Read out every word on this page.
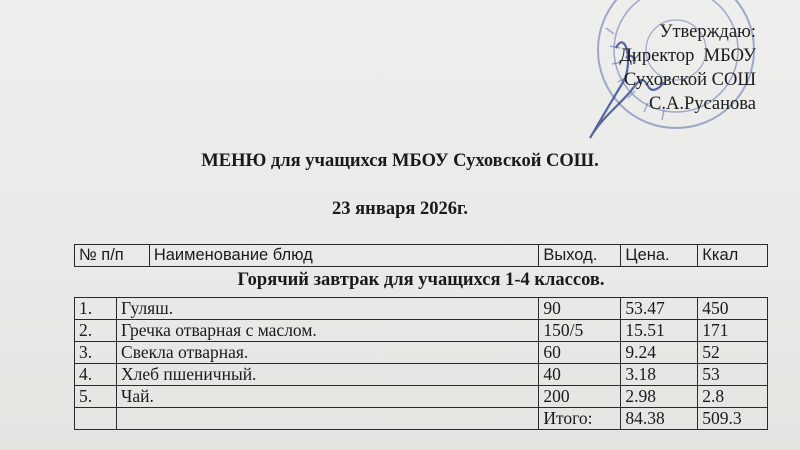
Утверждаю:
Директор  МБОУ
Суховской СОШ
С.А.Русанова
МЕНЮ для учащихся МБОУ Суховской СОШ.
23 января 2026г.
№ п/п	Наименование блюд	Выход.	Цена.	Ккал
Горячий завтрак для учащихся 1-4 классов.
1.	Гуляш.	90	53.47	450
2.	Гречка отварная с маслом.	150/5	15.51	171
3.	Свекла отварная.	60	9.24	52
4.	Хлеб пшеничный.	40	3.18	53
5.	Чай.	200	2.98	2.8
		Итого:	84.38	509.3
